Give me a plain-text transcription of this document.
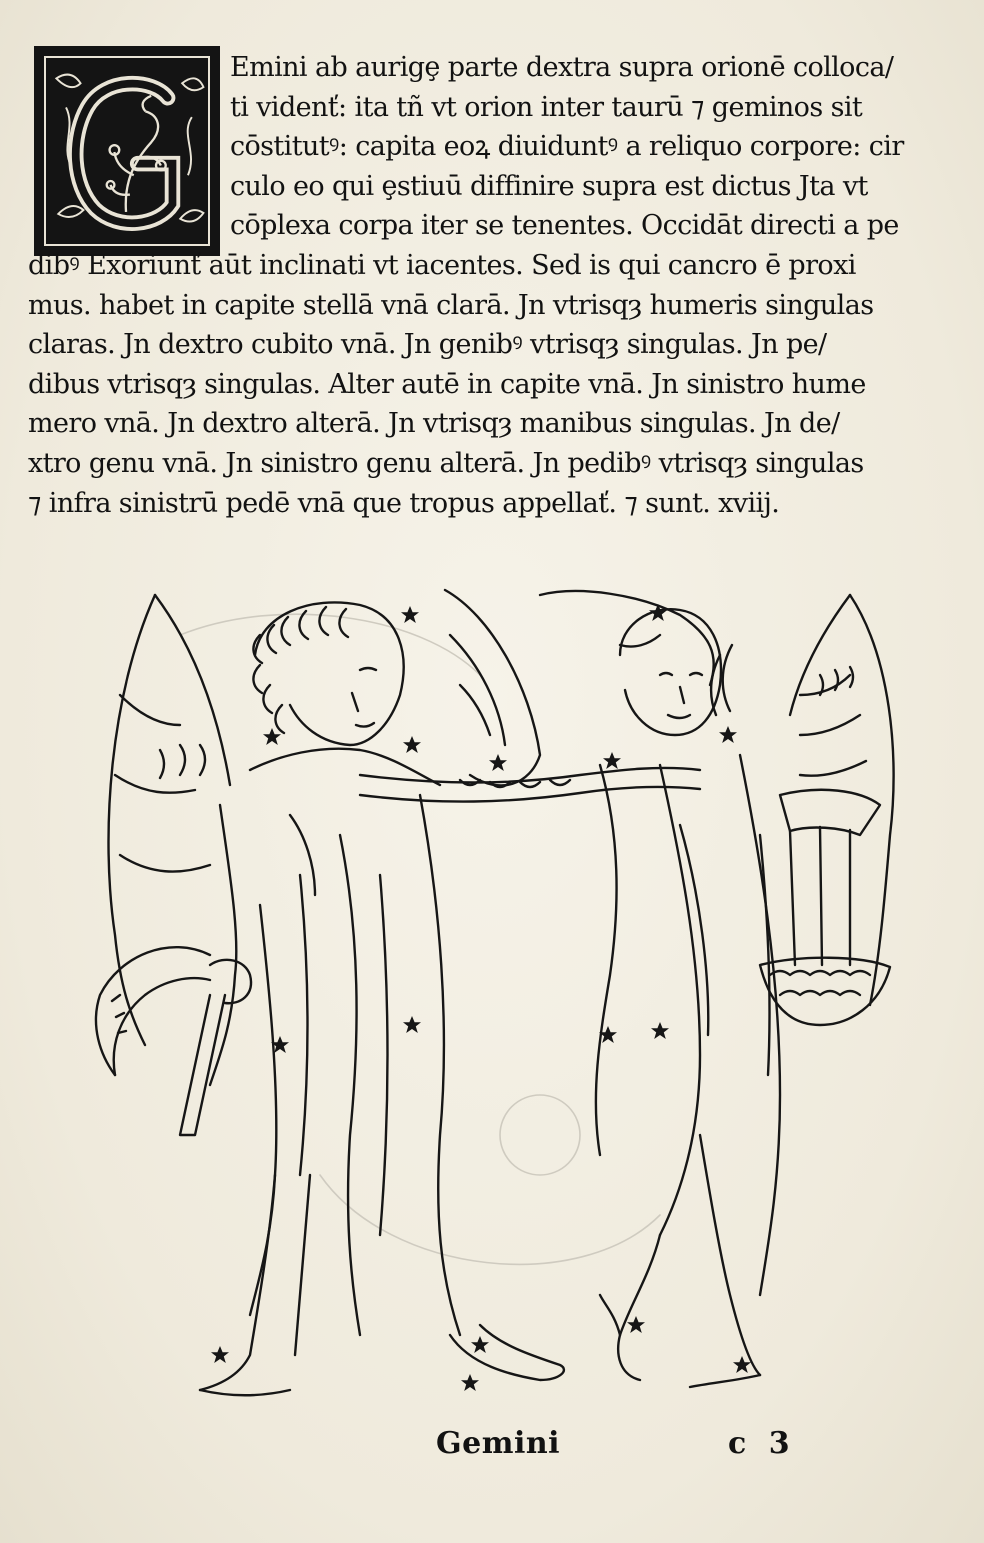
Emini ab aurigȩ parte dextra supra orionē colloca/
ti videnť: ita tñ vt orion inter taurū ⁊ geminos sit
cōstitutꝰ: capita eoꝝ diuiduntꝰ a reliquo corpore: cir
culo eo qui ȩstiuū diffinire supra est dictus Jta vt
cōplexa corpa iter se tenentes. Occidāt directi a pe
dibꝰ Exoriunť aūt inclinati vt iacentes. Sed is qui cancro ē proxi
mus. habet in capite stellā vnā clarā. Jn vtrisqȝ humeris singulas
claras. Jn dextro cubito vnā. Jn genibꝰ vtrisqȝ singulas. Jn pe/
dibus vtrisqȝ singulas. Alter autē in capite vnā. Jn sinistro hume
mero vnā. Jn dextro alterā. Jn vtrisqȝ manibus singulas. Jn de/
xtro genu vnā. Jn sinistro genu alterā. Jn pedibꝰ vtrisqȝ singulas
⁊ infra sinistrū pedē vnā que tropus appellať. ⁊ sunt. xviij.
Gemini	c 3
